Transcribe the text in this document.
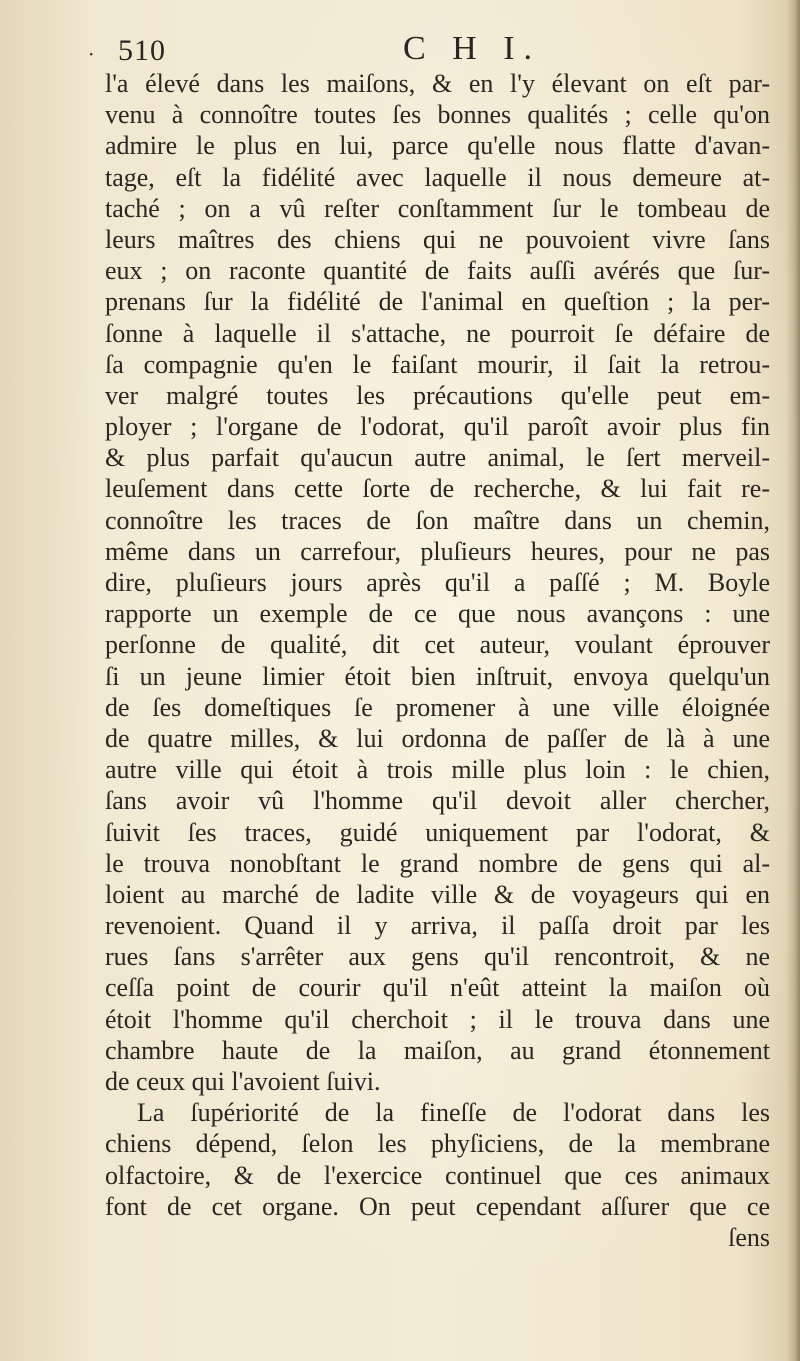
· 510	C H I.
l'a élevé dans les maiſons, & en l'y élevant on eſt par-
venu à connoître toutes ſes bonnes qualités ; celle qu'on
admire le plus en lui, parce qu'elle nous flatte d'avan-
tage, eſt la fidélité avec laquelle il nous demeure at-
taché ; on a vû reſter conſtamment ſur le tombeau de
leurs maîtres des chiens qui ne pouvoient vivre ſans
eux ; on raconte quantité de faits auſſi avérés que ſur-
prenans ſur la fidélité de l'animal en queſtion ; la per-
ſonne à laquelle il s'attache, ne pourroit ſe défaire de
ſa compagnie qu'en le faiſant mourir, il ſait la retrou-
ver malgré toutes les précautions qu'elle peut em-
ployer ; l'organe de l'odorat, qu'il paroît avoir plus fin
& plus parfait qu'aucun autre animal, le ſert merveil-
leuſement dans cette ſorte de recherche, & lui fait re-
connoître les traces de ſon maître dans un chemin,
même dans un carrefour, pluſieurs heures, pour ne pas
dire, pluſieurs jours après qu'il a paſſé ; M. Boyle
rapporte un exemple de ce que nous avançons : une
perſonne de qualité, dit cet auteur, voulant éprouver
ſi un jeune limier étoit bien inſtruit, envoya quelqu'un
de ſes domeſtiques ſe promener à une ville éloignée
de quatre milles, & lui ordonna de paſſer de là à une
autre ville qui étoit à trois mille plus loin : le chien,
ſans avoir vû l'homme qu'il devoit aller chercher,
ſuivit ſes traces, guidé uniquement par l'odorat, &
le trouva nonobſtant le grand nombre de gens qui al-
loient au marché de ladite ville & de voyageurs qui en
revenoient. Quand il y arriva, il paſſa droit par les
rues ſans s'arrêter aux gens qu'il rencontroit, & ne
ceſſa point de courir qu'il n'eût atteint la maiſon où
étoit l'homme qu'il cherchoit ; il le trouva dans une
chambre haute de la maiſon, au grand étonnement
de ceux qui l'avoient ſuivi.
La ſupériorité de la fineſſe de l'odorat dans les
chiens dépend, ſelon les phyſiciens, de la membrane
olfactoire, & de l'exercice continuel que ces animaux
font de cet organe. On peut cependant aſſurer que ce
ſens
